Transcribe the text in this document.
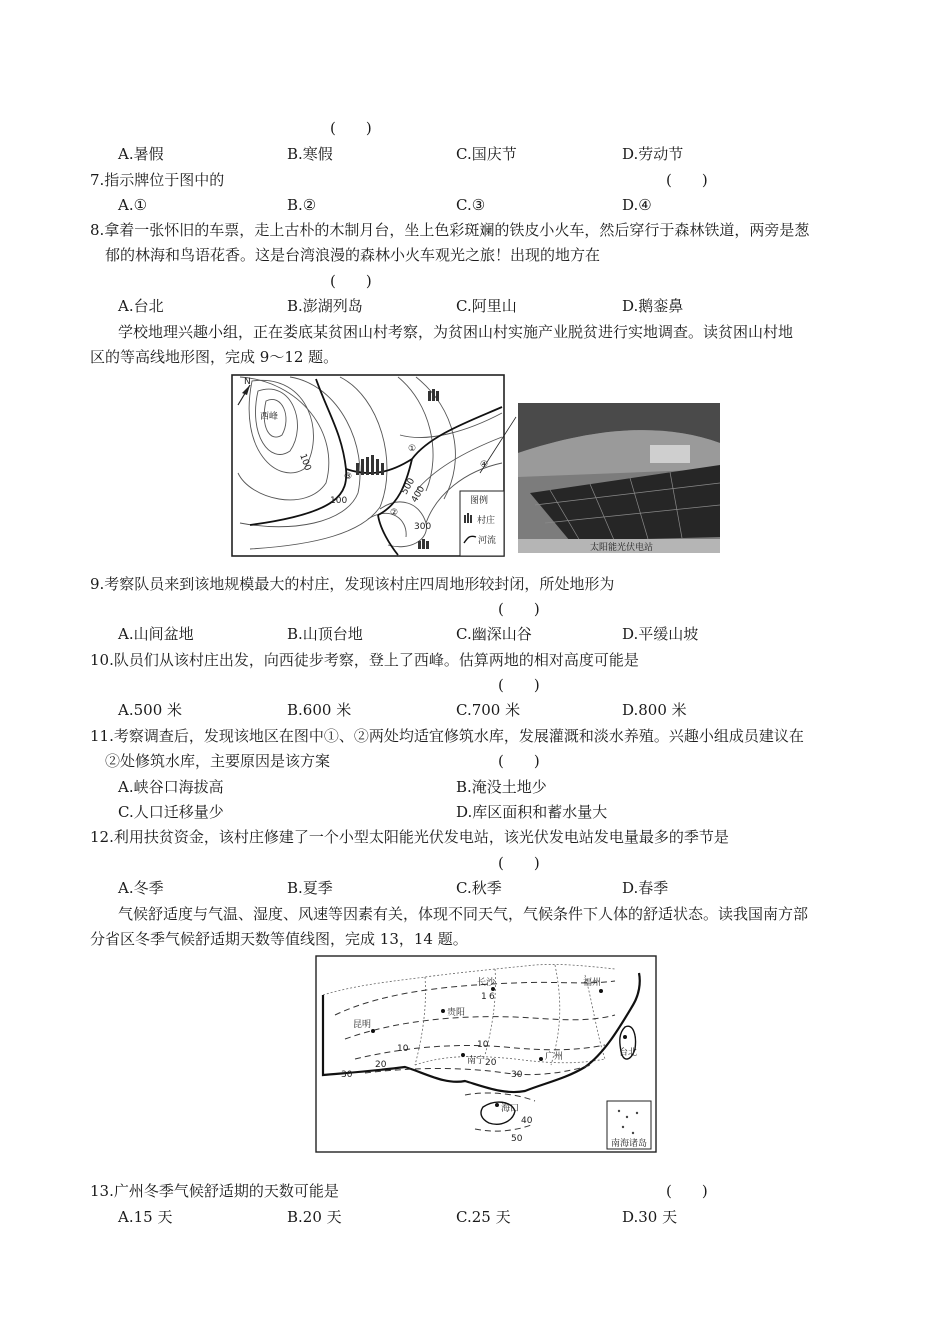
(　　)
A.暑假	B.寒假	C.国庆节	D.劳动节
7.指示牌位于图中的	(　　)
A.①	B.②	C.③	D.④
8.拿着一张怀旧的车票，走上古朴的木制月台，坐上色彩斑斓的铁皮小火车，然后穿行于森林铁道，两旁是葱
郁的林海和鸟语花香。这是台湾浪漫的森林小火车观光之旅！出现的地方在
(　　)
A.台北	B.澎湖列岛	C.阿里山	D.鹅銮鼻
学校地理兴趣小组，正在娄底某贫困山村考察，为贫困山村实施产业脱贫进行实地调查。读贫困山村地
区的等高线地形图，完成 9～12 题。
N
西峰
100
100
500
400
300
①
②
③
④
图例
村庄
河流
太阳能光伏电站
9.考察队员来到该地规模最大的村庄，发现该村庄四周地形较封闭，所处地形为
(　　)
A.山间盆地	B.山顶台地	C.幽深山谷	D.平缓山坡
10.队员们从该村庄出发，向西徒步考察，登上了西峰。估算两地的相对高度可能是
(　　)
A.500 米	B.600 米	C.700 米	D.800 米
11.考察调查后，发现该地区在图中①、②两处均适宜修筑水库，发展灌溉和淡水养殖。兴趣小组成员建议在
②处修筑水库，主要原因是该方案	(　　)
A.峡谷口海拔高	B.淹没土地少
C.人口迁移量少	D.库区面积和蓄水量大
12.利用扶贫资金，该村庄修建了一个小型太阳能光伏发电站，该光伏发电站发电量最多的季节是
(　　)
A.冬季	B.夏季	C.秋季	D.春季
气候舒适度与气温、湿度、风速等因素有关，体现不同天气，气候条件下人体的舒适状态。读我国南方部
分省区冬季气候舒适期天数等值线图，完成 13，14 题。
南海诸岛
昆明
贵阳
长沙	福州
台北
南宁	广州
海口
1 6
10	10
20	20
30	30
40
50
13.广州冬季气候舒适期的天数可能是	(　　)
A.15 天	B.20 天	C.25 天	D.30 天
